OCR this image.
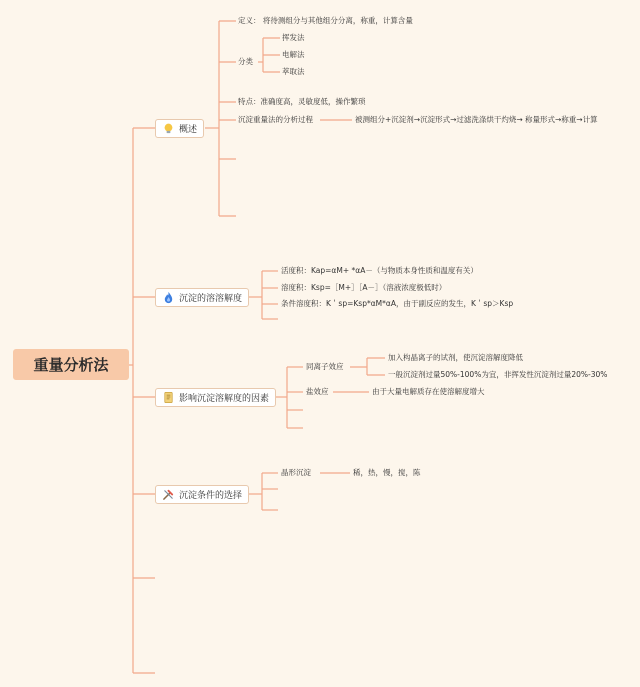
重量分析法
概述
定义： 将待测组分与其他组分分离，称重，计算含量
分类
挥发法
电解法
萃取法
特点：准确度高，灵敏度低，操作繁琐
沉淀重量法的分析过程	被测组分+沉淀剂→沉淀形式→过滤洗涤烘干灼烧→ 称量形式→称重→计算
沉淀的溶溶解度
活度积：Kap=αM+ *αA－（与物质本身性质和温度有关）
溶度积：Ksp=［M+］［A－］（溶液浓度极低时）
条件溶度积：K＇sp=Ksp*αM*αA，由于副反应的发生，K＇sp＞Ksp
影响沉淀溶解度的因素
同离子效应
加入构晶离子的试剂，使沉淀溶解度降低
一般沉淀剂过量50%-100%为宜，非挥发性沉淀剂过量20%-30%
盐效应	由于大量电解质存在使溶解度增大
沉淀条件的选择
晶形沉淀	稀，热，慢，搅，陈
